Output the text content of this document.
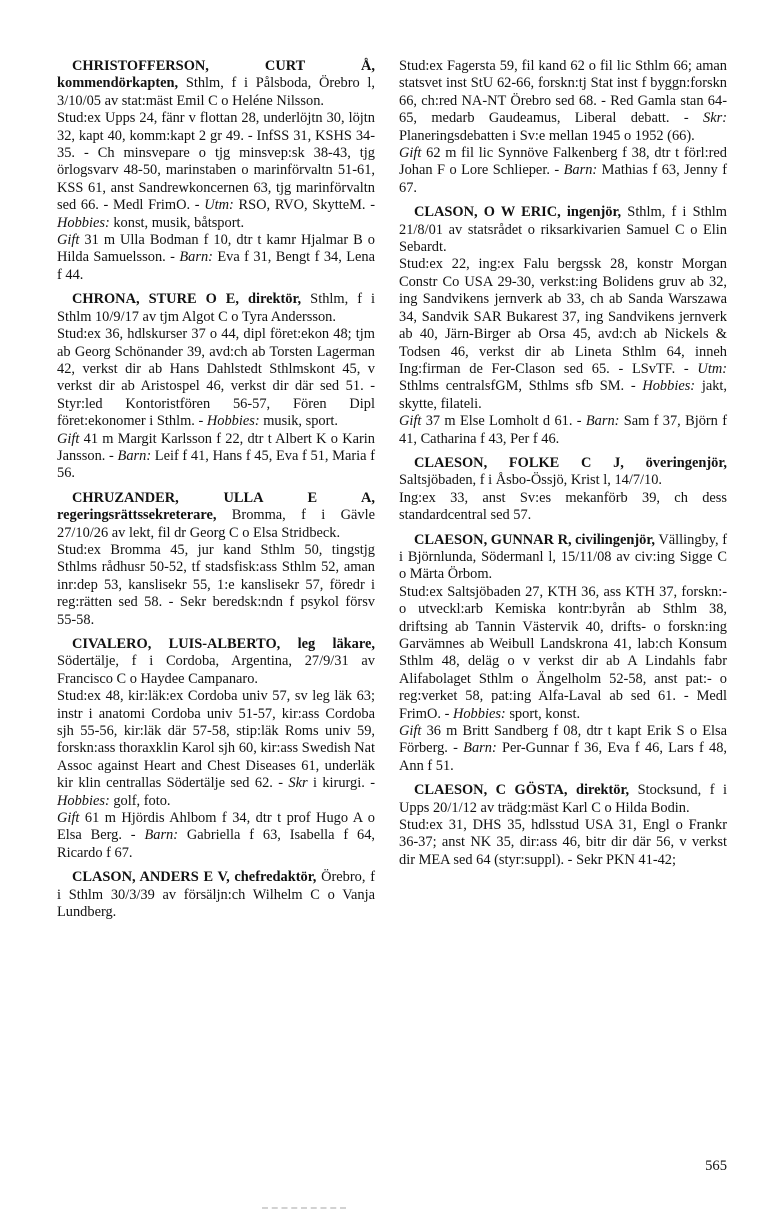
CHRISTOFFERSON, CURT Å, kommendörkapten, Sthlm, f i Pålsboda, Örebro l, 3/10/05 av stat:mäst Emil C o Heléne Nilsson.

Stud:ex Upps 24, fänr v flottan 28, underlöjtn 30, löjtn 32, kapt 40, komm:kapt 2 gr 49. - InfSS 31, KSHS 34-35. - Ch minsvepare o tjg minsvep:sk 38-43, tjg örlogsvarv 48-50, marinstaben o marinförvaltn 51-61, KSS 61, anst Sandrewkoncernen 63, tjg marinförvaltn sed 66. - Medl FrimO. - Utm: RSO, RVO, SkytteM. - Hobbies: konst, musik, båtsport.

Gift 31 m Ulla Bodman f 10, dtr t kamr Hjalmar B o Hilda Samuelsson. - Barn: Eva f 31, Bengt f 34, Lena f 44.

CHRONA, STURE O E, direktör, Sthlm, f i Sthlm 10/9/17 av tjm Algot C o Tyra Andersson.

Stud:ex 36, hdlskurser 37 o 44, dipl föret:ekon 48; tjm ab Georg Schönander 39, avd:ch ab Torsten Lagerman 42, verkst dir ab Hans Dahlstedt Sthlmskont 45, v verkst dir ab Aristospel 46, verkst dir där sed 51. - Styr:led Kontoristfören 56-57, Fören Dipl föret:ekonomer i Sthlm. - Hobbies: musik, sport.

Gift 41 m Margit Karlsson f 22, dtr t Albert K o Karin Jansson. - Barn: Leif f 41, Hans f 45, Eva f 51, Maria f 56.

CHRUZANDER, ULLA E A, regeringsrättssekreterare, Bromma, f i Gävle 27/10/26 av lekt, fil dr Georg C o Elsa Stridbeck.

Stud:ex Bromma 45, jur kand Sthlm 50, tingstjg Sthlms rådhusr 50-52, tf stadsfisk:ass Sthlm 52, aman inr:dep 53, kanslisekr 55, 1:e kanslisekr 57, föredr i reg:rätten sed 58. - Sekr beredsk:ndn f psykol försv 55-58.

CIVALERO, LUIS-ALBERTO, leg läkare, Södertälje, f i Cordoba, Argentina, 27/9/31 av Francisco C o Haydee Campanaro.

Stud:ex 48, kir:läk:ex Cordoba univ 57, sv leg läk 63; instr i anatomi Cordoba univ 51-57, kir:ass Cordoba sjh 55-56, kir:läk där 57-58, stip:läk Roms univ 59, forskn:ass thoraxklin Karol sjh 60, kir:ass Swedish Nat Assoc against Heart and Chest Diseases 61, underläk kir klin centrallas Södertälje sed 62. - Skr i kirurgi. - Hobbies: golf, foto.

Gift 61 m Hjördis Ahlbom f 34, dtr t prof Hugo A o Elsa Berg. - Barn: Gabriella f 63, Isabella f 64, Ricardo f 67.

CLASON, ANDERS E V, chefredaktör, Örebro, f i Sthlm 30/3/39 av försäljn:ch Wilhelm C o Vanja Lundberg.

Stud:ex Fagersta 59, fil kand 62 o fil lic Sthlm 66; aman statsvet inst StU 62-66, forskn:tj Stat inst f byggn:forskn 66, ch:red NA-NT Örebro sed 68. - Red Gamla stan 64-65, medarb Gaudeamus, Liberal debatt. - Skr: Planeringsdebatten i Sv:e mellan 1945 o 1952 (66).

Gift 62 m fil lic Synnöve Falkenberg f 38, dtr t förl:red Johan F o Lore Schlieper. - Barn: Mathias f 63, Jenny f 67.

CLASON, O W ERIC, ingenjör, Sthlm, f i Sthlm 21/8/01 av statsrådet o riksarkivarien Samuel C o Elin Sebardt.

Stud:ex 22, ing:ex Falu bergssk 28, konstr Morgan Constr Co USA 29-30, verkst:ing Bolidens gruv ab 32, ing Sandvikens jernverk ab 33, ch ab Sanda Warszawa 34, Sandvik SAR Bukarest 37, ing Sandvikens jernverk ab 40, Järn-Birger ab Orsa 45, avd:ch ab Nickels & Todsen 46, verkst dir ab Lineta Sthlm 64, inneh Ing:firman de Fer-Clason sed 65. - LSvTF. - Utm: Sthlms centralsfGM, Sthlms sfb SM. - Hobbies: jakt, skytte, filateli.

Gift 37 m Else Lomholt d 61. - Barn: Sam f 37, Björn f 41, Catharina f 43, Per f 46.

CLAESON, FOLKE C J, överingenjör, Saltsjöbaden, f i Åsbo-Össjö, Krist l, 14/7/10.

Ing:ex 33, anst Sv:es mekanförb 39, ch dess standardcentral sed 57.

CLAESON, GUNNAR R, civilingenjör, Vällingby, f i Björnlunda, Södermanl l, 15/11/08 av civ:ing Sigge C o Märta Örbom.

Stud:ex Saltsjöbaden 27, KTH 36, ass KTH 37, forskn:- o utveckl:arb Kemiska kontr:byrån ab Sthlm 38, driftsing ab Tannin Västervik 40, drifts- o forskn:ing Garvämnes ab Weibull Landskrona 41, lab:ch Konsum Sthlm 48, deläg o v verkst dir ab A Lindahls fabr Alifabolaget Sthlm o Ängelholm 52-58, anst pat:- o reg:verket 58, pat:ing Alfa-Laval ab sed 61. - Medl FrimO. - Hobbies: sport, konst.

Gift 36 m Britt Sandberg f 08, dtr t kapt Erik S o Elsa Förberg. - Barn: Per-Gunnar f 36, Eva f 46, Lars f 48, Ann f 51.

CLAESON, C GÖSTA, direktör, Stocksund, f i Upps 20/1/12 av trädg:mäst Karl C o Hilda Bodin.

Stud:ex 31, DHS 35, hdlsstud USA 31, Engl o Frankr 36-37; anst NK 35, dir:ass 46, bitr dir där 56, v verkst dir MEA sed 64 (styr:suppl). - Sekr PKN 41-42;

565
